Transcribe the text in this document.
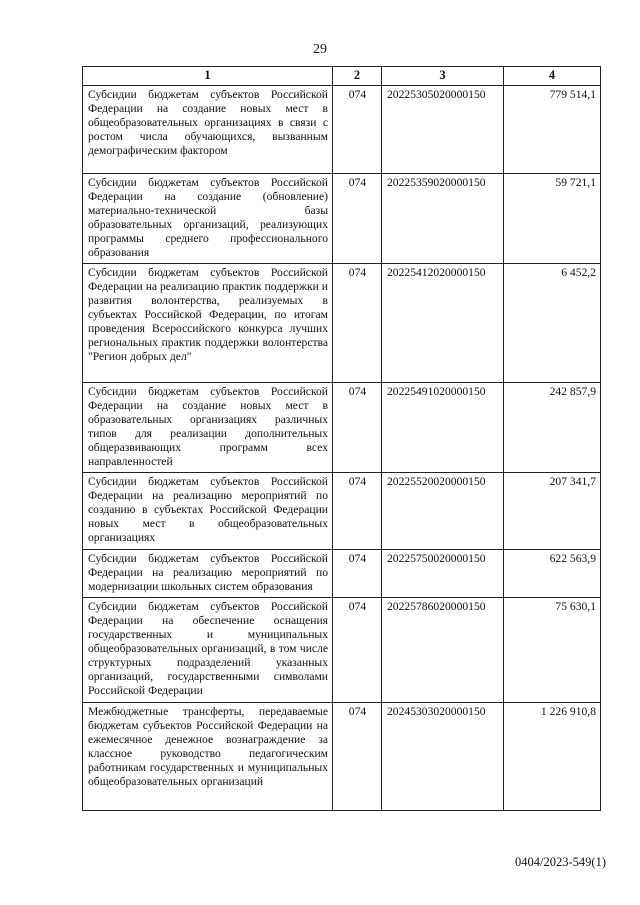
29
1	2	3	4
Субсидии бюджетам субъектов Российской Федерации на создание новых мест в общеобразовательных организациях в связи с ростом числа обучающихся, вызванным демографическим фактором	074	20225305020000150	779 514,1
Субсидии бюджетам субъектов Российской Федерации на создание (обновление) материально-технической базы образовательных организаций, реализующих программы среднего профессионального образования	074	20225359020000150	59 721,1
Субсидии бюджетам субъектов Российской Федерации на реализацию практик поддержки и развития волонтерства, реализуемых в субъектах Российской Федерации, по итогам проведения Всероссийского конкурса лучших региональных практик поддержки волонтерства "Регион добрых дел"	074	20225412020000150	6 452,2
Субсидии бюджетам субъектов Российской Федерации на создание новых мест в образовательных организациях различных типов для реализации дополнительных общеразвивающих программ всех направленностей	074	20225491020000150	242 857,9
Субсидии бюджетам субъектов Российской Федерации на реализацию мероприятий по созданию в субъектах Российской Федерации новых мест в общеобразовательных организациях	074	20225520020000150	207 341,7
Субсидии бюджетам субъектов Российской Федерации на реализацию мероприятий по модернизации школьных систем образования	074	20225750020000150	622 563,9
Субсидии бюджетам субъектов Российской Федерации на обеспечение оснащения государственных и муниципальных общеобразовательных организаций, в том числе структурных подразделений указанных организаций, государственными символами Российской Федерации	074	20225786020000150	75 630,1
Межбюджетные трансферты, передаваемые бюджетам субъектов Российской Федерации на ежемесячное денежное вознаграждение за классное руководство педагогическим работникам государственных и муниципальных общеобразовательных организаций	074	20245303020000150	1 226 910,8
0404/2023-549(1)
